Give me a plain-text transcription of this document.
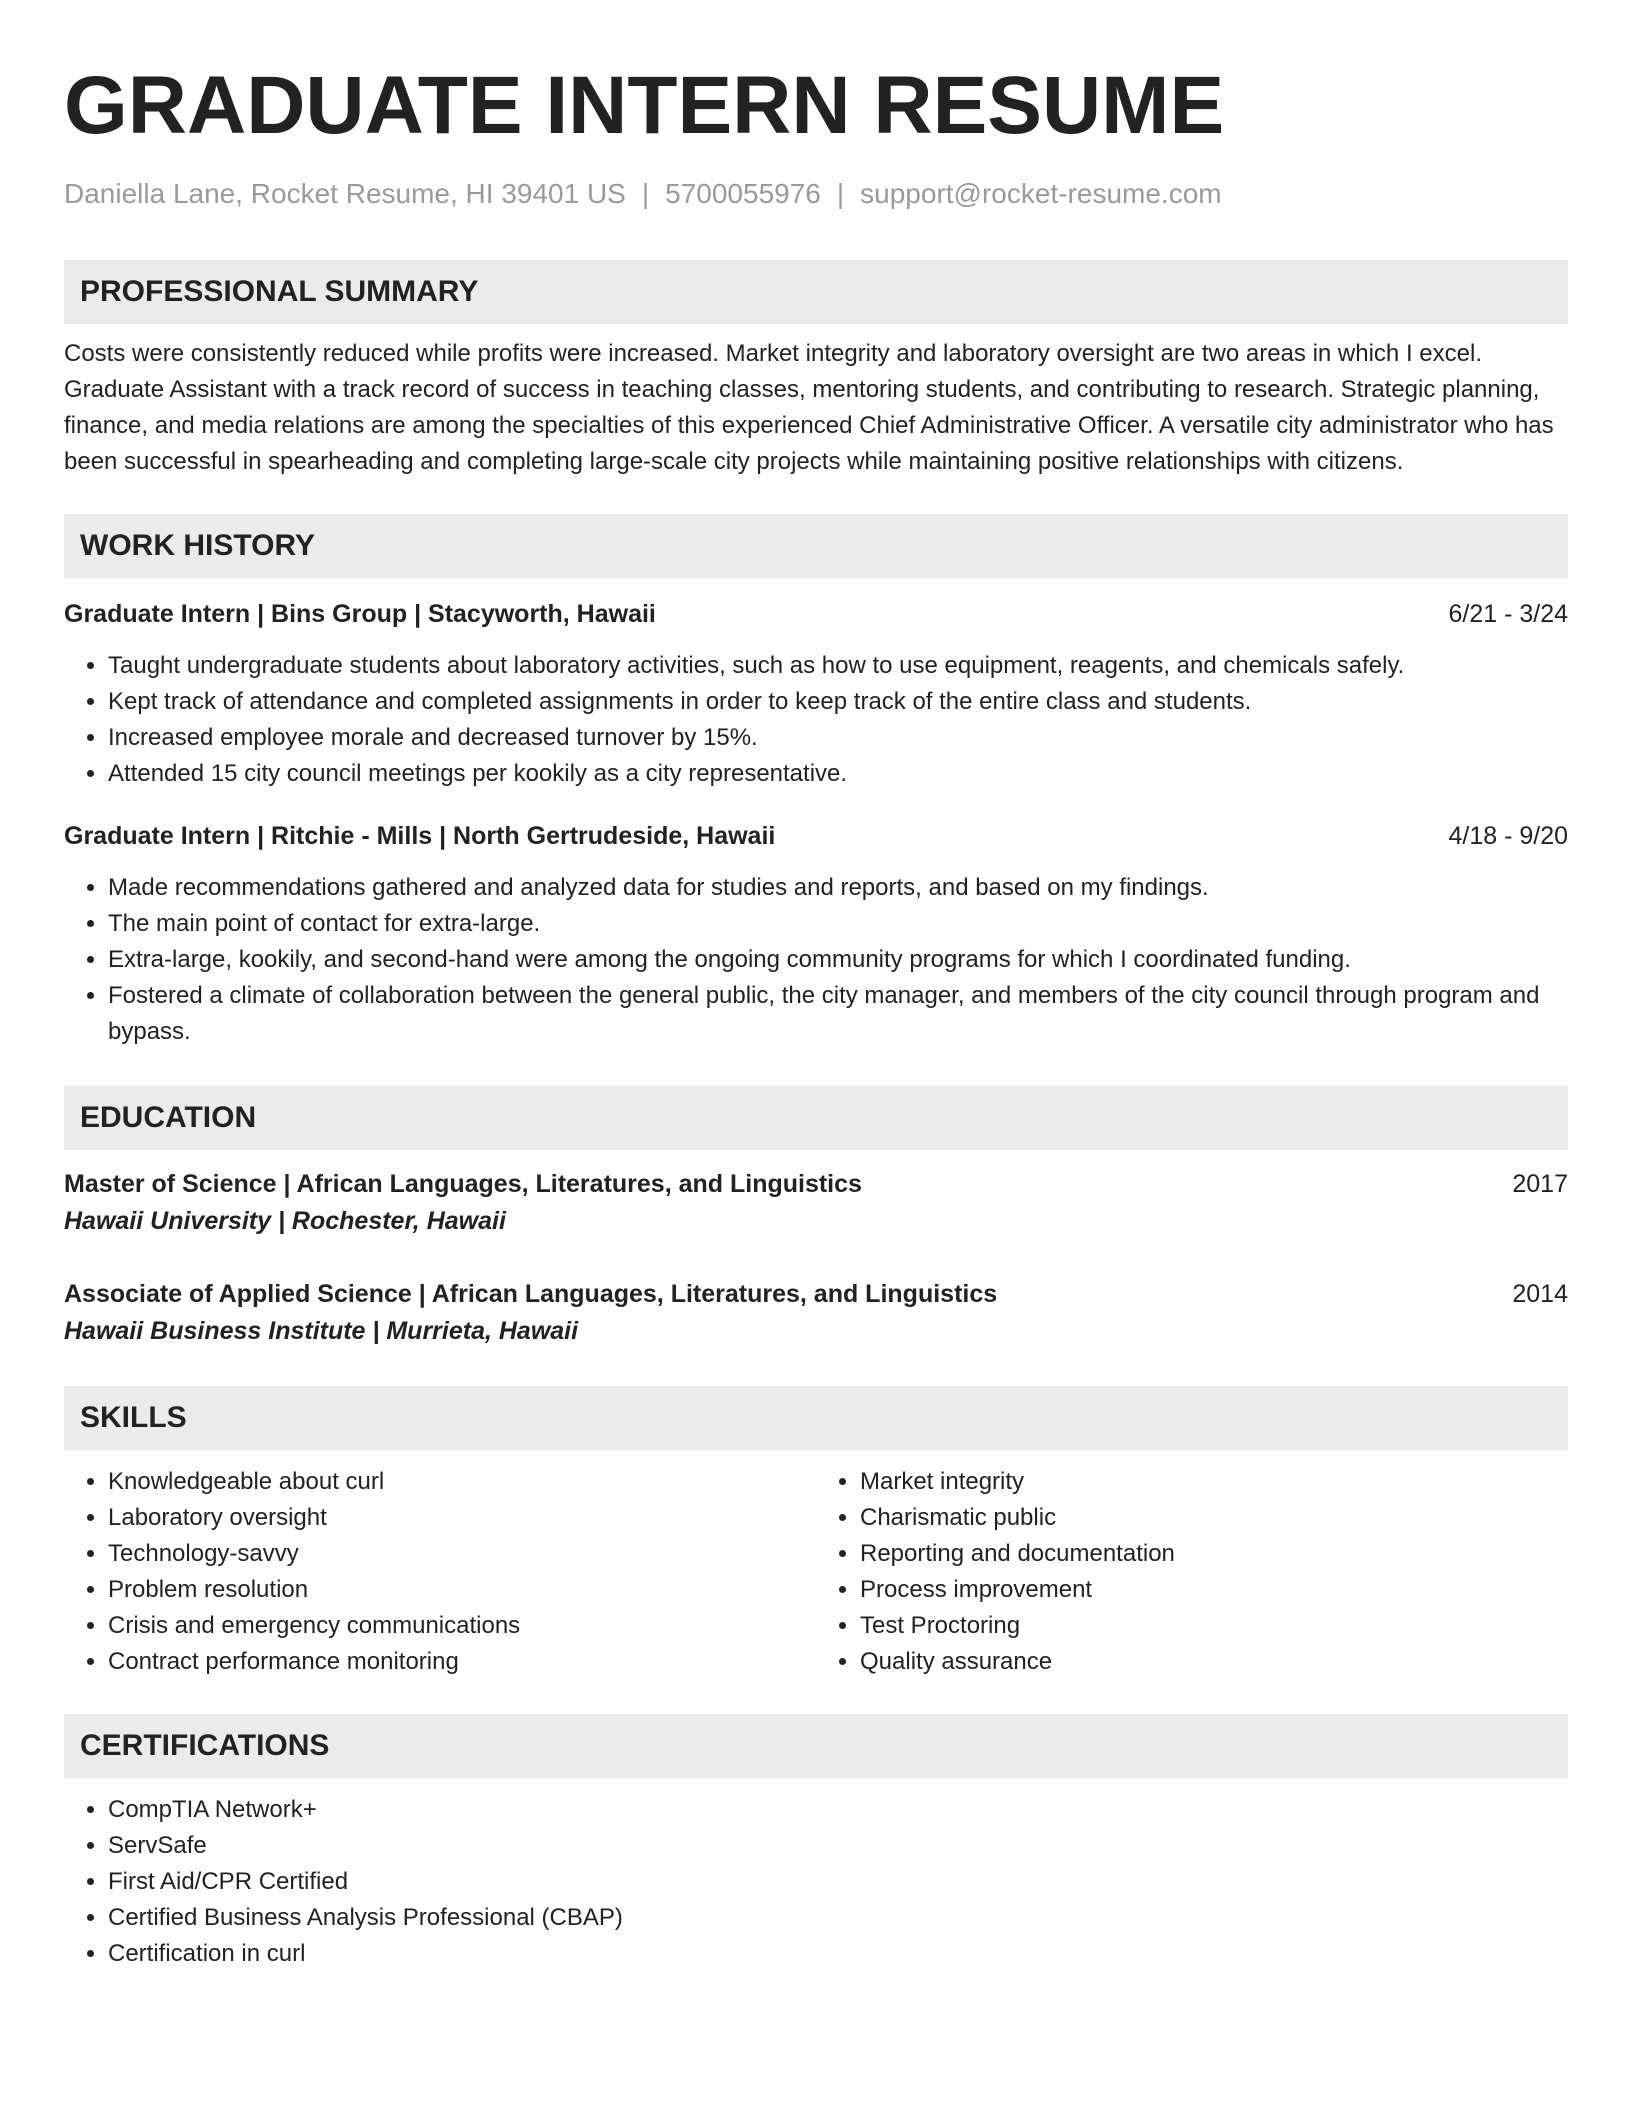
GRADUATE INTERN RESUME
Daniella Lane, Rocket Resume, HI 39401 US | 5700055976 | support@rocket-resume.com
PROFESSIONAL SUMMARY

Costs were consistently reduced while profits were increased. Market integrity and laboratory oversight are two areas in which I excel. Graduate Assistant with a track record of success in teaching classes, mentoring students, and contributing to research. Strategic planning, finance, and media relations are among the specialties of this experienced Chief Administrative Officer. A versatile city administrator who has been successful in spearheading and completing large-scale city projects while maintaining positive relationships with citizens.

WORK HISTORY
Graduate Intern | Bins Group | Stacyworth, Hawaii	6/21 - 3/24
• Taught undergraduate students about laboratory activities, such as how to use equipment, reagents, and chemicals safely.
• Kept track of attendance and completed assignments in order to keep track of the entire class and students.
• Increased employee morale and decreased turnover by 15%.
• Attended 15 city council meetings per kookily as a city representative.
Graduate Intern | Ritchie - Mills | North Gertrudeside, Hawaii	4/18 - 9/20
• Made recommendations gathered and analyzed data for studies and reports, and based on my findings.
• The main point of contact for extra-large.
• Extra-large, kookily, and second-hand were among the ongoing community programs for which I coordinated funding.
• Fostered a climate of collaboration between the general public, the city manager, and members of the city council through program and bypass.
EDUCATION
Master of Science | African Languages, Literatures, and Linguistics	2017
Hawaii University | Rochester, Hawaii
Associate of Applied Science | African Languages, Literatures, and Linguistics	2014
Hawaii Business Institute | Murrieta, Hawaii
SKILLS
• Knowledgeable about curl
• Laboratory oversight
• Technology-savvy
• Problem resolution
• Crisis and emergency communications
• Contract performance monitoring
• Market integrity
• Charismatic public
• Reporting and documentation
• Process improvement
• Test Proctoring
• Quality assurance
CERTIFICATIONS
• CompTIA Network+
• ServSafe
• First Aid/CPR Certified
• Certified Business Analysis Professional (CBAP)
• Certification in curl
